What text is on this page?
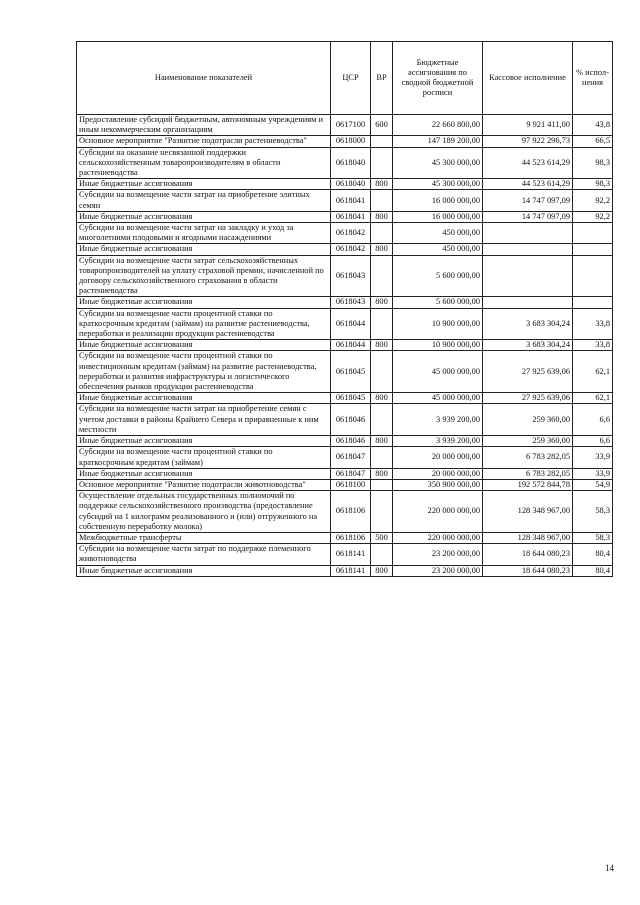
Наименование показателей	ЦСР	ВР	Бюджетные ассигнования по сводной бюджетной росписи	Кассовое исполнение	% испол-нения
Предоставление субсидий бюджетным, автономным учреждениям и иным некоммерческим организациям	0617100	600	22 660 800,00	9 921 411,00	43,8
Основное мероприятие "Развитие подотрасли растениеводства"	0618000		147 189 200,00	97 922 296,73	66,5
Субсидии на оказание несвязанной поддержки сельскохозяйственным товаропроизводителям в области растениеводства	0618040		45 300 000,00	44 523 614,29	98,3
Иные бюджетные ассигнования	0618040	800	45 300 000,00	44 523 614,29	98,3
Субсидии на возмещение части затрат на приобретение элитных семян	0618041		16 000 000,00	14 747 097,09	92,2
Иные бюджетные ассигнования	0618041	800	16 000 000,00	14 747 097,09	92,2
Субсидии на возмещение части затрат на закладку и уход за многолетними плодовыми и ягодными насаждениями	0618042		450 000,00		
Иные бюджетные ассигнования	0618042	800	450 000,00		
Субсидии на возмещение части затрат сельскохозяйственных товаропроизводителей на уплату страховой премии, начисленной по договору сельскохозяйственного страхования в области растениеводства	0618043		5 600 000,00		
Иные бюджетные ассигнования	0618043	800	5 600 000,00		
Субсидии на возмещение части процентной ставки по краткосрочным кредитам (займам) на развитие растениеводства, переработки и реализации продукции растениеводства	0618044		10 900 000,00	3 683 304,24	33,8
Иные бюджетные ассигнования	0618044	800	10 900 000,00	3 683 304,24	33,8
Субсидии на возмещение части процентной ставки по инвестиционным кредитам (займам) на развитие растениеводства, переработки и развития инфраструктуры и логистического обеспечения рынков продукции растениеводства	0618045		45 000 000,00	27 925 639,06	62,1
Иные бюджетные ассигнования	0618045	800	45 000 000,00	27 925 639,06	62,1
Субсидии на возмещение части затрат на приобретение семян с учетом доставки в районы Крайнего Севера и приравненные к ним местности	0618046		3 939 200,00	259 360,00	6,6
Иные бюджетные ассигнования	0618046	800	3 939 200,00	259 360,00	6,6
Субсидии на возмещение части процентной ставки по краткосрочным кредитам (займам)	0618047		20 000 000,00	6 783 282,05	33,9
Иные бюджетные ассигнования	0618047	800	20 000 000,00	6 783 282,05	33,9
Основное мероприятие "Развитие подотрасли животноводства"	0618100		350 900 000,00	192 572 844,78	54,9
Осуществление отдельных государственных полномочий по поддержке сельскохозяйственного производства (предоставление субсидий на 1 килограмм реализованного и (или) отгруженного на собственную переработку молока)	0618106		220 000 000,00	128 348 967,00	58,3
Межбюджетные трансферты	0618106	500	220 000 000,00	128 348 967,00	58,3
Субсидии на возмещение части затрат по поддержке племенного животноводства	0618141		23 200 000,00	18 644 080,23	80,4
Иные бюджетные ассигнования	0618141	800	23 200 000,00	18 644 080,23	80,4
14
